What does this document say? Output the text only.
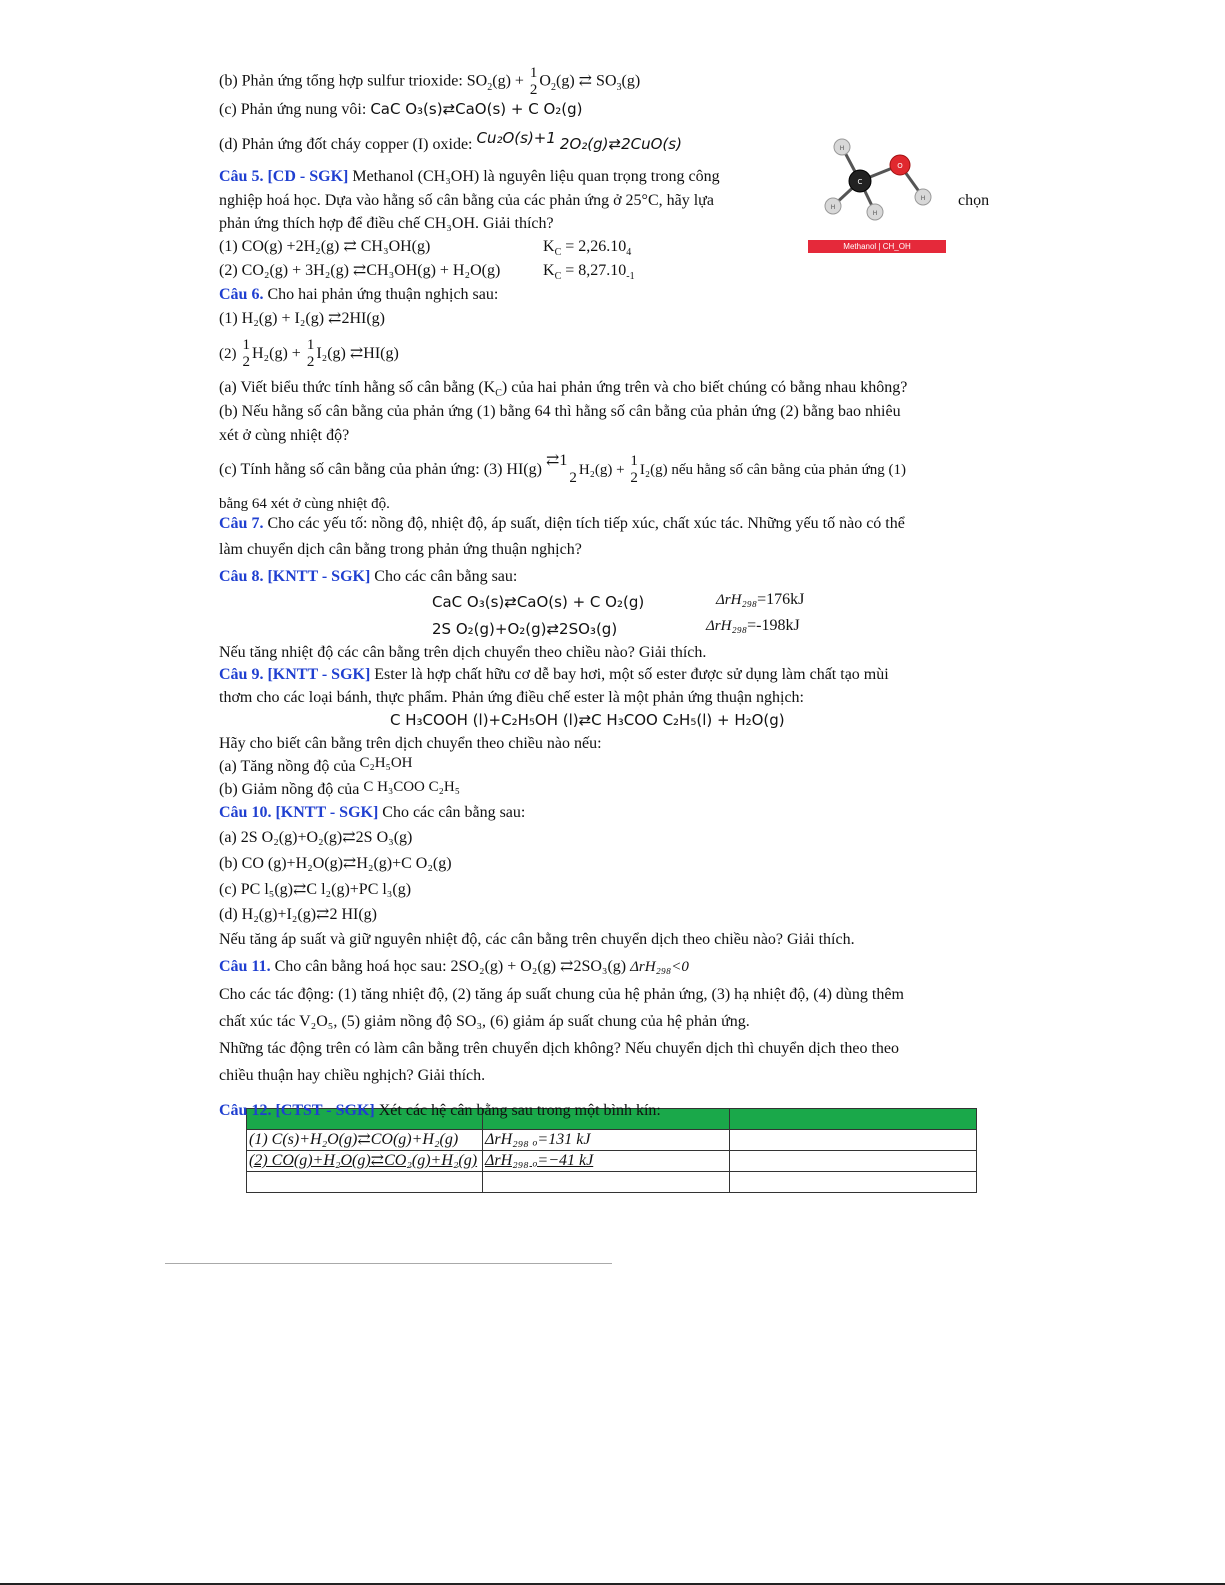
(b) Phản ứng tổng hợp sulfur trioxide: $SO_2(g) + 1$
2
$O_2(g)$ ⇄ $SO_3(g)$
(c) Phản ứng nung vôi: CaC O₃(s)⇄CaO(s) + C O₂(g)
(d) Phản ứng đốt cháy copper (I) oxide: Cu₂O(s)+1 2O₂(g)⇄2CuO(s)
Câu 5. [CD - SGK] Methanol (CH₃OH) là nguyên liệu quan trọng trong công
nghiệp hoá học. Dựa vào hằng số cân bằng của các phản ứng ở 25°C, hãy lựa	chọn
phản ứng thích hợp để điều chế CH₃OH. Giải thích?
(1) CO(g) +2H₂(g) ⇄ CH₃OH(g)	$K_C = 2,26.10_4$
(2) CO₂(g) + 3H₂(g) ⇄CH₃OH(g) + H₂O(g)	$K_C = 8,27.10_{-1}$
C
O
H
H
H
H
Methanol | CH_OH
Câu 6. Cho hai phản ứng thuận nghịch sau:
(1) H₂(g) + I₂(g) ⇄2HI(g)
(2)
1
2
H₂(g) + 1
2
I₂(g) ⇄HI(g)
(a) Viết biểu thức tính hằng số cân bằng $(K_C)$ của hai phản ứng trên và cho biết chúng có bằng nhau không?
(b) Nếu hằng số cân bằng của phản ứng (1) bằng 64 thì hằng số cân bằng của phản ứng (2) bằng bao nhiêu
xét ở cùng nhiệt độ?
(c) Tính hằng số cân bằng của phản ứng: (3) HI(g) ⇄1

2
H₂(g) +
1
2
I₂(g) nếu hằng số cân bằng của phản ứng (1)
bằng 64 xét ở cùng nhiệt độ.
Câu 7. Cho các yếu tố: nồng độ, nhiệt độ, áp suất, diện tích tiếp xúc, chất xúc tác. Những yếu tố nào có thể
làm chuyển dịch cân bằng trong phản ứng thuận nghịch?
Câu 8. [KNTT - SGK] Cho các cân bằng sau:
CaC O₃(s)⇄CaO(s) + C O₂(g)	ΔrH₂₉₈=176kJ
2S O₂(g)+O₂(g)⇄2SO₃(g)	ΔrH₂₉₈=-198kJ
Nếu tăng nhiệt độ các cân bằng trên dịch chuyển theo chiều nào? Giải thích.
Câu 9. [KNTT - SGK] Ester là hợp chất hữu cơ dễ bay hơi, một số ester được sử dụng làm chất tạo mùi
thơm cho các loại bánh, thực phẩm. Phản ứng điều chế ester là một phản ứng thuận nghịch:
C H₃COOH (l)+C₂H₅OH (l)⇄C H₃COO C₂H₅(l) + H₂O(g)
Hãy cho biết cân bằng trên dịch chuyển theo chiều nào nếu:
(a) Tăng nồng độ của C₂H₅OH
(b) Giảm nồng độ của C H₃COO C₂H₅
Câu 10. [KNTT - SGK] Cho các cân bằng sau:
(a) 2S O₂(g)+O₂(g)⇄2S O₃(g)
(b) CO (g)+H₂O(g)⇄H₂(g)+C O₂(g)
(c) PC l₅(g)⇄C l₂(g)+PC l₃(g)
(d) H₂(g)+I₂(g)⇄2 HI(g)
Nếu tăng áp suất và giữ nguyên nhiệt độ, các cân bằng trên chuyển dịch theo chiều nào? Giải thích.
Câu 11. Cho cân bằng hoá học sau: 2SO₂(g) + O₂(g) ⇄2SO₃(g) ΔrH₂₉₈<0
Cho các tác động: (1) tăng nhiệt độ, (2) tăng áp suất chung của hệ phản ứng, (3) hạ nhiệt độ, (4) dùng thêm
chất xúc tác V₂O₅, (5) giảm nồng độ SO₃, (6) giảm áp suất chung của hệ phản ứng.
Những tác động trên có làm cân bằng trên chuyển dịch không? Nếu chuyển dịch thì chuyển dịch theo theo
chiều thuận hay chiều nghịch? Giải thích.

(1) C(s)+H₂O(g)⇄CO(g)+H₂(g)	ΔrH₂₉₈ ₒ=131 kJ	
(2) CO(g)+H₂O(g)⇄CO₂(g)+H₂(g)	ΔrH₂₉₈ ₒ=−41 kJ	

Câu 12. [CTST - SGK] Xét các hệ cân bằng sau trong một bình kín:
